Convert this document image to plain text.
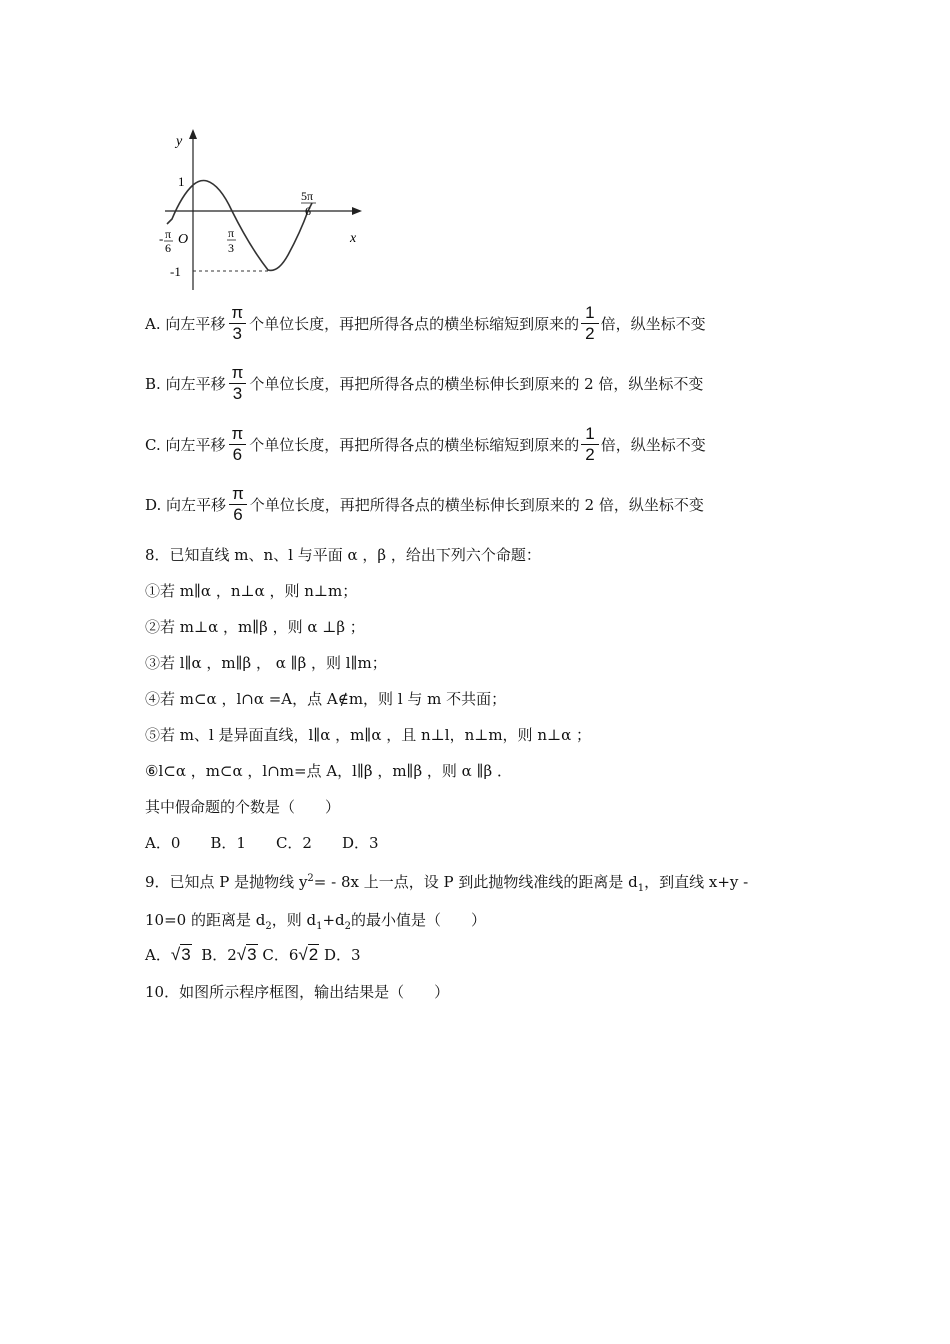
y
x
O
1
-1
- π
6
π
3
5π
6
A.
向左平移 $\frac{\pi}{3}$ 个单位长度，再把所得各点的横坐标缩短到原来的 $\frac{1}{2}$ 倍，纵坐标不变
B.
向左平移 $\frac{\pi}{3}$ 个单位长度，再把所得各点的横坐标伸长到原来的 2 倍，纵坐标不变
C.
向左平移 $\frac{\pi}{6}$ 个单位长度，再把所得各点的横坐标缩短到原来的 $\frac{1}{2}$ 倍，纵坐标不变
D.
向左平移 $\frac{\pi}{6}$ 个单位长度，再把所得各点的横坐标伸长到原来的 2 倍，纵坐标不变
8．已知直线 m、n、l 与平面 α ，β ，给出下列六个命题：
①若 m∥α ，n⊥α ，则 n⊥m；
②若 m⊥α ，m∥β ，则 α ⊥β ；
③若 l∥α ，m∥β ， α ∥β ，则 l∥m；
④若 m⊂α ，l∩α =A，点 A∉m，则 l 与 m 不共面；
⑤若 m、l 是异面直线，l∥α ，m∥α ，且 n⊥l，n⊥m，则 n⊥α ；
⑥l⊂α ，m⊂α ，l∩m=点 A，l∥β ，m∥β ，则 α ∥β ．
其中假命题的个数是（　　）
A．0　　B．1　　C．2　　D．3
9．已知点 P 是抛物线 $y^2= - 8x$ 上一点，设 P 到此抛物线准线的距离是 $d_1$，到直线 x+y -
10=0 的距离是 $d_2$，则 $d_1+d_2$的最小值是（　　）
A．√3 B．2√3 C．6√2 D．3
10．如图所示程序框图，输出结果是（　　）
